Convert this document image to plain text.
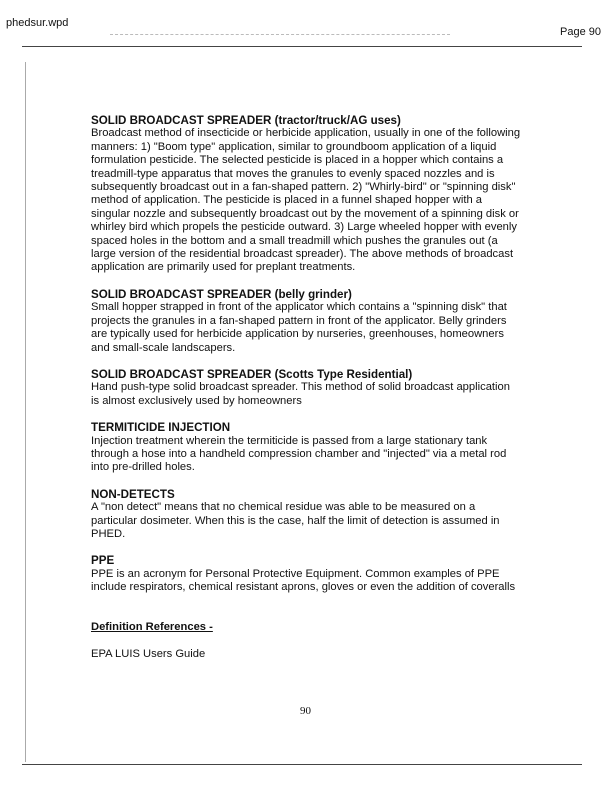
phedsur.wpd
Page 90

SOLID BROADCAST SPREADER (tractor/truck/AG uses)

Broadcast method of insecticide or herbicide application, usually in one of the following manners: 1) "Boom type" application, similar to groundboom application of a liquid formulation pesticide. The selected pesticide is placed in a hopper which contains a treadmill-type apparatus that moves the granules to evenly spaced nozzles and is subsequently broadcast out in a fan-shaped pattern. 2) "Whirly-bird" or "spinning disk" method of application. The pesticide is placed in a funnel shaped hopper with a singular nozzle and subsequently broadcast out by the movement of a spinning disk or whirley bird which propels the pesticide outward. 3) Large wheeled hopper with evenly spaced holes in the bottom and a small treadmill which pushes the granules out (a large version of the residential broadcast spreader). The above methods of broadcast application are primarily used for preplant treatments.

SOLID BROADCAST SPREADER (belly grinder)

Small hopper strapped in front of the applicator which contains a "spinning disk" that projects the granules in a fan-shaped pattern in front of the applicator. Belly grinders are typically used for herbicide application by nurseries, greenhouses, homeowners and small-scale landscapers.

SOLID BROADCAST SPREADER (Scotts Type Residential)

Hand push-type solid broadcast spreader. This method of solid broadcast application is almost exclusively used by homeowners

TERMITICIDE INJECTION

Injection treatment wherein the termiticide is passed from a large stationary tank through a hose into a handheld compression chamber and "injected" via a metal rod into pre-drilled holes.

NON-DETECTS

A "non detect" means that no chemical residue was able to be measured on a particular dosimeter. When this is the case, half the limit of detection is assumed in PHED.

PPE

PPE is an acronym for Personal Protective Equipment. Common examples of PPE include respirators, chemical resistant aprons, gloves or even the addition of coveralls

Definition References -
EPA LUIS Users Guide
90
